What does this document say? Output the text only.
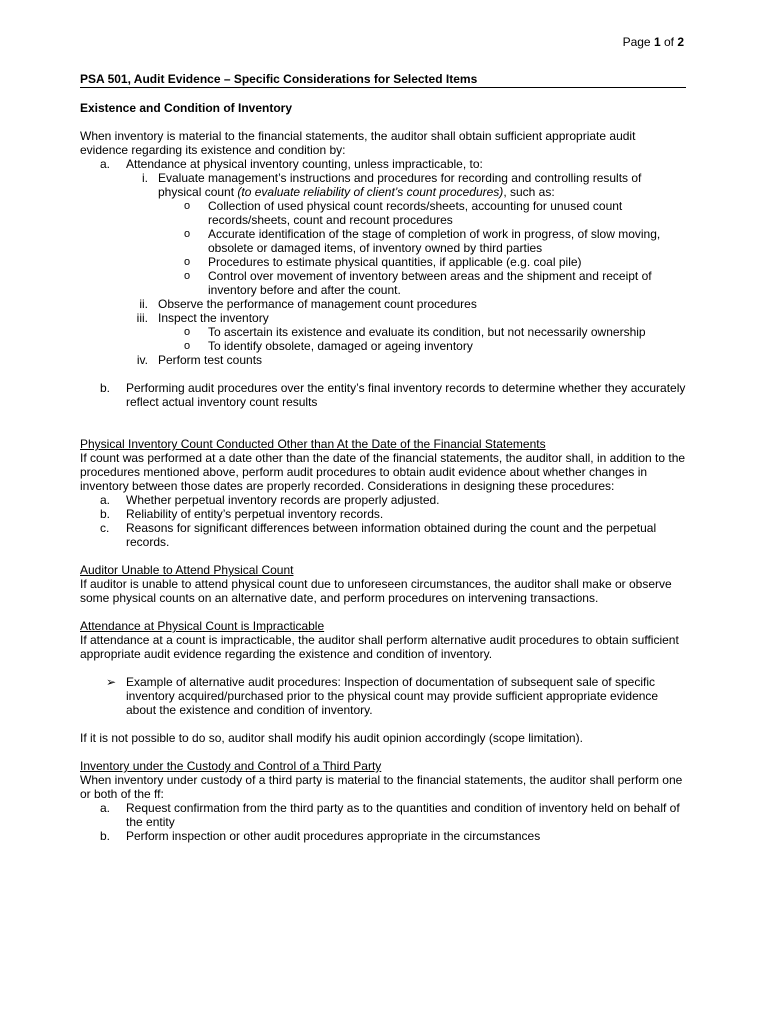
Page 1 of 2
PSA 501, Audit Evidence – Specific Considerations for Selected Items
Existence and Condition of Inventory

When inventory is material to the financial statements, the auditor shall obtain sufficient appropriate audit evidence regarding its existence and condition by:

a. Attendance at physical inventory counting, unless impracticable, to:
i. Evaluate management’s instructions and procedures for recording and controlling results of physical count (to evaluate reliability of client’s count procedures), such as:
o Collection of used physical count records/sheets, accounting for unused count records/sheets, count and recount procedures
o Accurate identification of the stage of completion of work in progress, of slow moving, obsolete or damaged items, of inventory owned by third parties
o Procedures to estimate physical quantities, if applicable (e.g. coal pile)
o Control over movement of inventory between areas and the shipment and receipt of inventory before and after the count.
ii. Observe the performance of management count procedures
iii. Inspect the inventory
o To ascertain its existence and evaluate its condition, but not necessarily ownership
o To identify obsolete, damaged or ageing inventory
iv. Perform test counts
b. Performing audit procedures over the entity’s final inventory records to determine whether they accurately reflect actual inventory count results

Physical Inventory Count Conducted Other than At the Date of the Financial Statements

If count was performed at a date other than the date of the financial statements, the auditor shall, in addition to the procedures mentioned above, perform audit procedures to obtain audit evidence about whether changes in inventory between those dates are properly recorded. Considerations in designing these procedures:

a. Whether perpetual inventory records are properly adjusted.
b. Reliability of entity’s perpetual inventory records.
c. Reasons for significant differences between information obtained during the count and the perpetual records.

Auditor Unable to Attend Physical Count

If auditor is unable to attend physical count due to unforeseen circumstances, the auditor shall make or observe some physical counts on an alternative date, and perform procedures on intervening transactions.

Attendance at Physical Count is Impracticable

If attendance at a count is impracticable, the auditor shall perform alternative audit procedures to obtain sufficient appropriate audit evidence regarding the existence and condition of inventory.

➢ Example of alternative audit procedures: Inspection of documentation of subsequent sale of specific inventory acquired/purchased prior to the physical count may provide sufficient appropriate evidence about the existence and condition of inventory.

If it is not possible to do so, auditor shall modify his audit opinion accordingly (scope limitation).

Inventory under the Custody and Control of a Third Party

When inventory under custody of a third party is material to the financial statements, the auditor shall perform one or both of the ff:

a. Request confirmation from the third party as to the quantities and condition of inventory held on behalf of the entity
b. Perform inspection or other audit procedures appropriate in the circumstances
